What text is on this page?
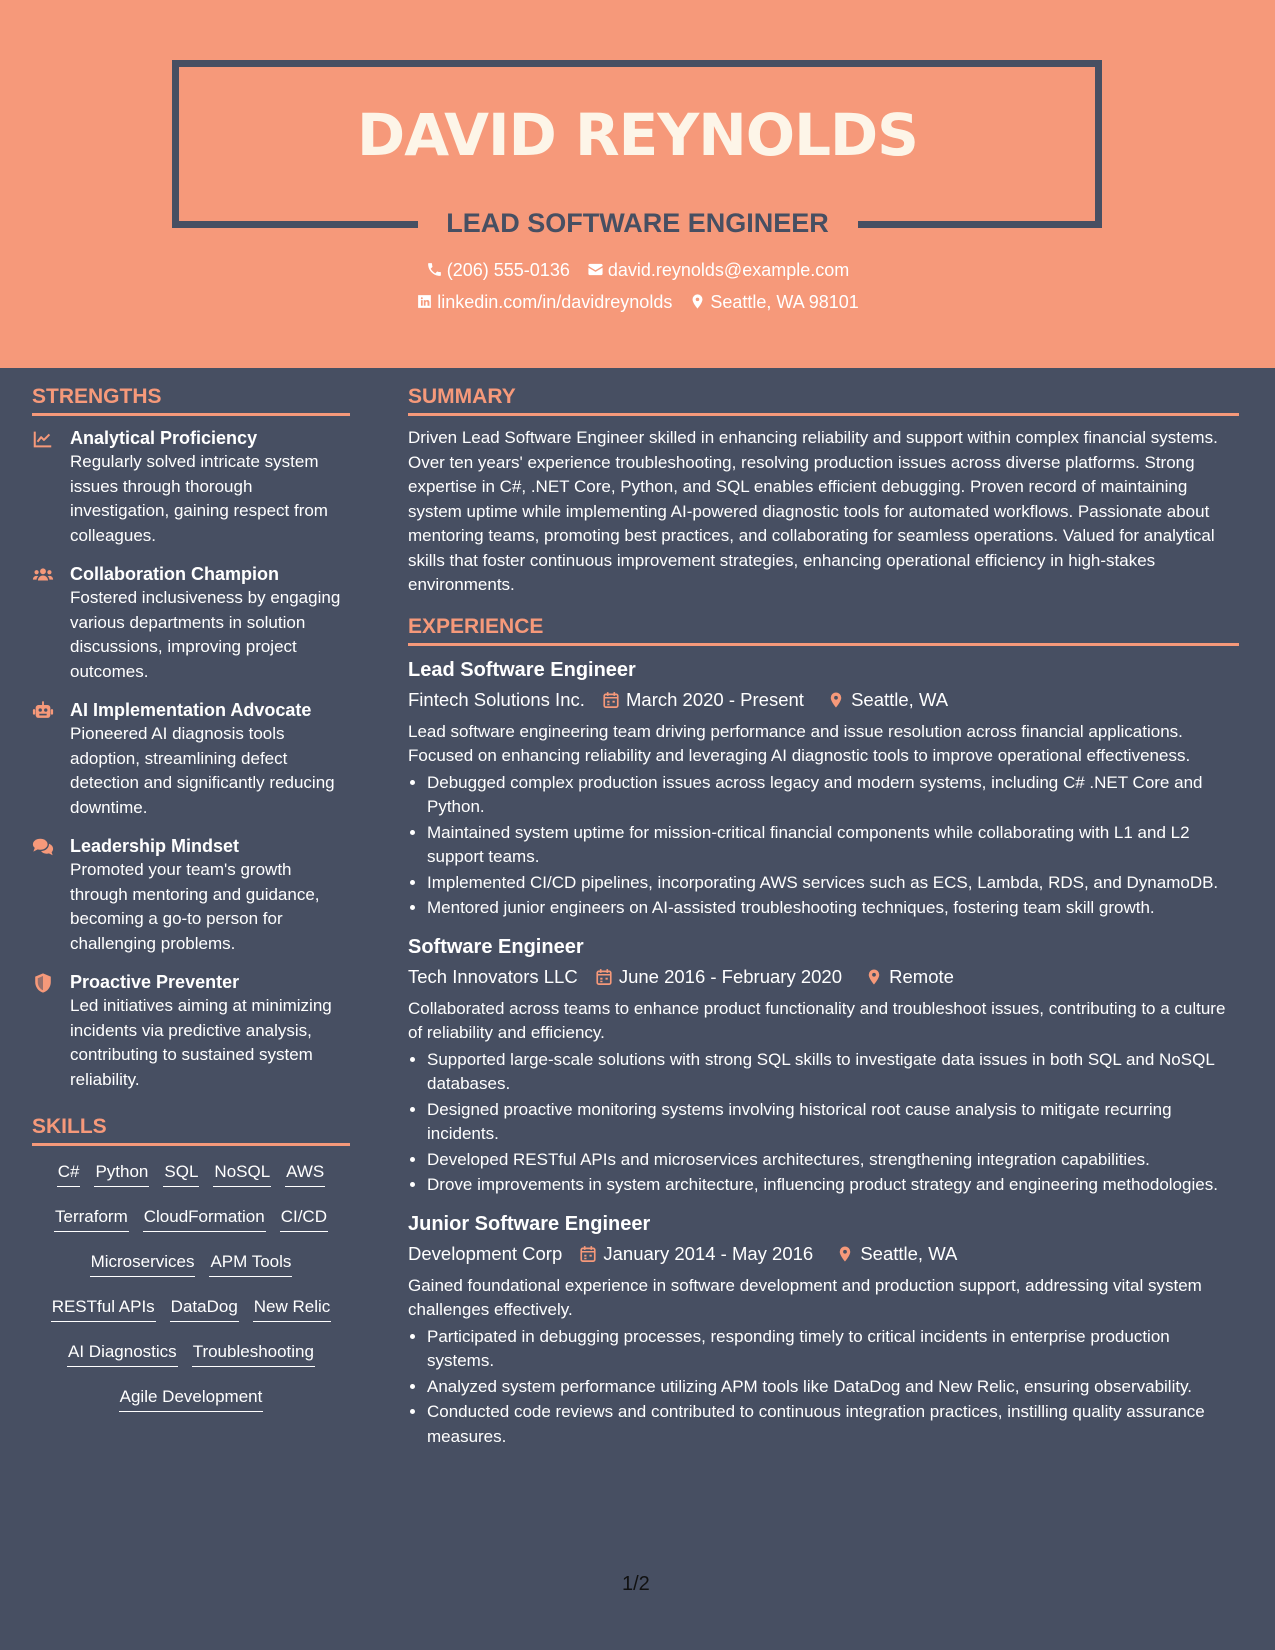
DAVID REYNOLDS
LEAD SOFTWARE ENGINEER
(206) 555-0136 david.reynolds@example.com
linkedin.com/in/davidreynolds Seattle, WA 98101
STRENGTHS
Analytical Proficiency
Regularly solved intricate system issues through thorough investigation, gaining respect from colleagues.
Collaboration Champion
Fostered inclusiveness by engaging various departments in solution discussions, improving project outcomes.
AI Implementation Advocate
Pioneered AI diagnosis tools adoption, streamlining defect detection and significantly reducing downtime.
Leadership Mindset
Promoted your team's growth through mentoring and guidance, becoming a go-to person for challenging problems.
Proactive Preventer
Led initiatives aiming at minimizing incidents via predictive analysis, contributing to sustained system reliability.
SKILLS
C# Python SQL NoSQL AWS
Terraform CloudFormation CI/CD
Microservices APM Tools
RESTful APIs DataDog New Relic
AI Diagnostics Troubleshooting
Agile Development
SUMMARY

Driven Lead Software Engineer skilled in enhancing reliability and support within complex financial systems. Over ten years' experience troubleshooting, resolving production issues across diverse platforms. Strong expertise in C#, .NET Core, Python, and SQL enables efficient debugging. Proven record of maintaining system uptime while implementing AI-powered diagnostic tools for automated workflows. Passionate about mentoring teams, promoting best practices, and collaborating for seamless operations. Valued for analytical skills that foster continuous improvement strategies, enhancing operational efficiency in high-stakes environments.

EXPERIENCE
Lead Software Engineer
Fintech Solutions Inc. March 2020 - Present	Seattle, WA

Lead software engineering team driving performance and issue resolution across financial applications. Focused on enhancing reliability and leveraging AI diagnostic tools to improve operational effectiveness.

• Debugged complex production issues across legacy and modern systems, including C# .NET Core and Python.
• Maintained system uptime for mission-critical financial components while collaborating with L1 and L2 support teams.
• Implemented CI/CD pipelines, incorporating AWS services such as ECS, Lambda, RDS, and DynamoDB.
• Mentored junior engineers on AI-assisted troubleshooting techniques, fostering team skill growth.
Software Engineer
Tech Innovators LLC June 2016 - February 2020	Remote

Collaborated across teams to enhance product functionality and troubleshoot issues, contributing to a culture of reliability and efficiency.

• Supported large-scale solutions with strong SQL skills to investigate data issues in both SQL and NoSQL databases.
• Designed proactive monitoring systems involving historical root cause analysis to mitigate recurring incidents.
• Developed RESTful APIs and microservices architectures, strengthening integration capabilities.
• Drove improvements in system architecture, influencing product strategy and engineering methodologies.
Junior Software Engineer
Development Corp January 2014 - May 2016	Seattle, WA

Gained foundational experience in software development and production support, addressing vital system challenges effectively.

• Participated in debugging processes, responding timely to critical incidents in enterprise production systems.
• Analyzed system performance utilizing APM tools like DataDog and New Relic, ensuring observability.
• Conducted code reviews and contributed to continuous integration practices, instilling quality assurance measures.
1/2
